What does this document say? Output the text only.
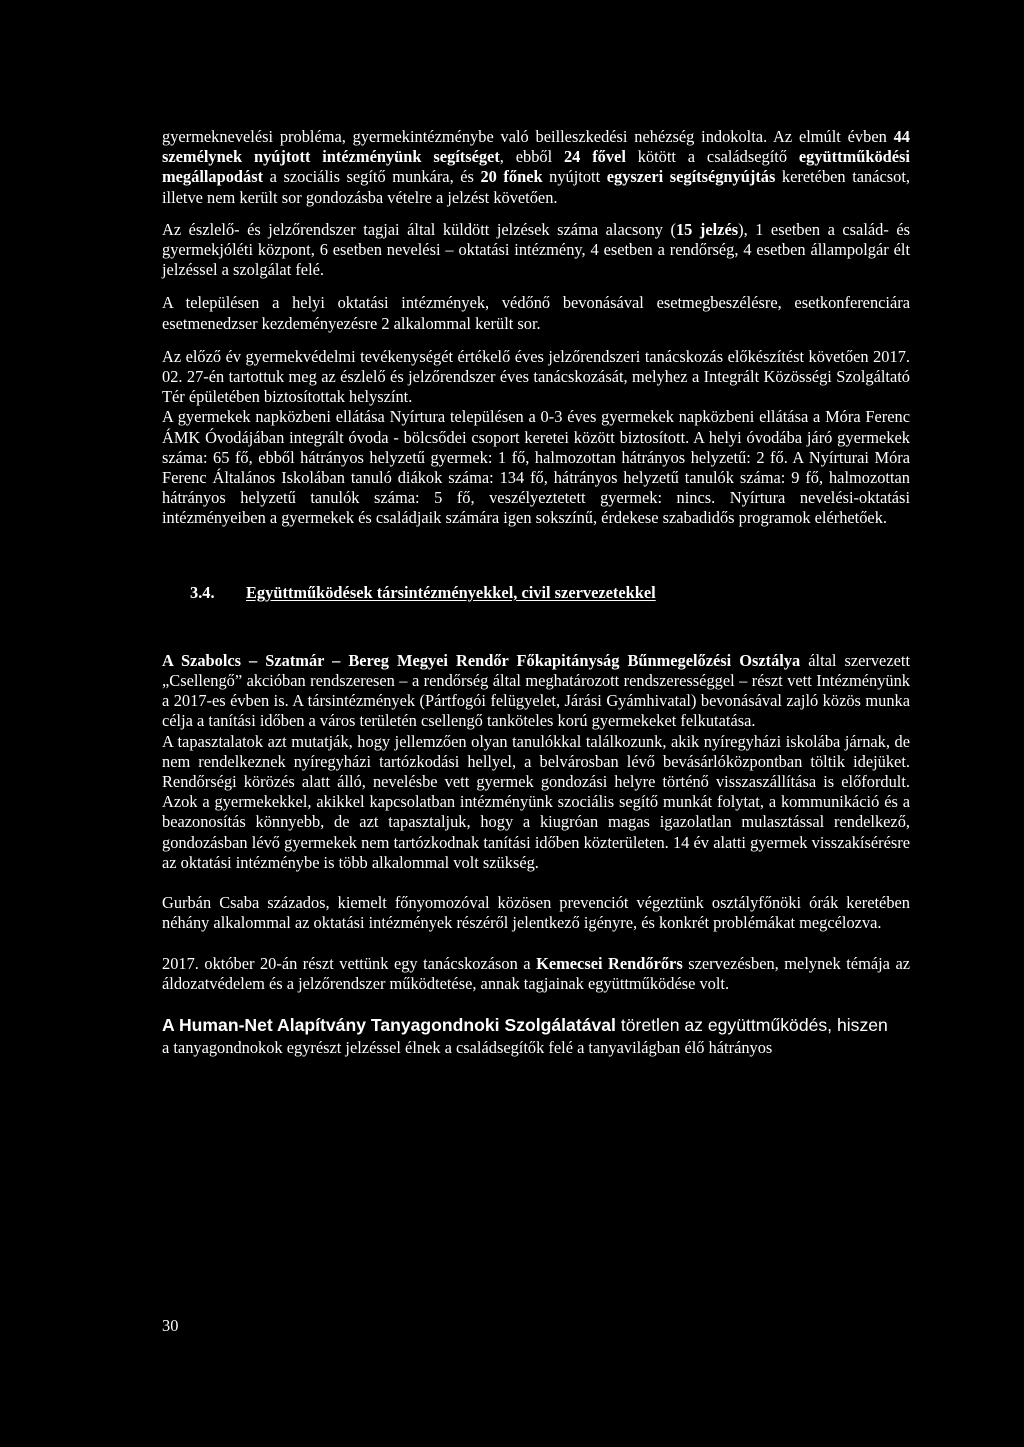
gyermeknevelési probléma, gyermekintézménybe való beilleszkedési nehézség indokolta. Az elmúlt évben 44 személynek nyújtott intézményünk segítséget, ebből 24 fővel kötött a családsegítő együttműködési megállapodást a szociális segítő munkára, és 20 főnek nyújtott egyszeri segítségnyújtás keretében tanácsot, illetve nem került sor gondozásba vételre a jelzést követően.

Az észlelő- és jelzőrendszer tagjai által küldött jelzések száma alacsony (15 jelzés), 1 esetben a család- és gyermekjóléti központ, 6 esetben nevelési – oktatási intézmény, 4 esetben a rendőrség, 4 esetben állampolgár élt jelzéssel a szolgálat felé.

A településen a helyi oktatási intézmények, védőnő bevonásával esetmegbeszélésre, esetkonferenciára esetmenedzser kezdeményezésre 2 alkalommal került sor.

Az előző év gyermekvédelmi tevékenységét értékelő éves jelzőrendszeri tanácskozás előkészítést követően 2017. 02. 27-én tartottuk meg az észlelő és jelzőrendszer éves tanácskozását, melyhez a Integrált Közösségi Szolgáltató Tér épületében biztosítottak helyszínt.

A gyermekek napközbeni ellátása Nyírtura településen a 0-3 éves gyermekek napközbeni ellátása a Móra Ferenc ÁMK Óvodájában integrált óvoda - bölcsődei csoport keretei között biztosított. A helyi óvodába járó gyermekek száma: 65 fő, ebből hátrányos helyzetű gyermek: 1 fő, halmozottan hátrányos helyzetű: 2 fő. A Nyírturai Móra Ferenc Általános Iskolában tanuló diákok száma: 134 fő, hátrányos helyzetű tanulók száma: 9 fő, halmozottan hátrányos helyzetű tanulók száma: 5 fő, veszélyeztetett gyermek: nincs. Nyírtura nevelési-oktatási intézményeiben a gyermekek és családjaik számára igen sokszínű, érdekese szabadidős programok elérhetőek.

3.4.	Együttműködések társintézményekkel, civil szervezetekkel

A Szabolcs – Szatmár – Bereg Megyei Rendőr Főkapitányság Bűnmegelőzési Osztálya által szervezett „Csellengő” akcióban rendszeresen – a rendőrség által meghatározott rendszerességgel – részt vett Intézményünk a 2017-es évben is. A társintézmények (Pártfogói felügyelet, Járási Gyámhivatal) bevonásával zajló közös munka célja a tanítási időben a város területén csellengő tanköteles korú gyermekeket felkutatása.

A tapasztalatok azt mutatják, hogy jellemzően olyan tanulókkal találkozunk, akik nyíregyházi iskolába járnak, de nem rendelkeznek nyíregyházi tartózkodási hellyel, a belvárosban lévő bevásárlóközpontban töltik idejüket. Rendőrségi körözés alatt álló, nevelésbe vett gyermek gondozási helyre történő visszaszállítása is előfordult. Azok a gyermekekkel, akikkel kapcsolatban intézményünk szociális segítő munkát folytat, a kommunikáció és a beazonosítás könnyebb, de azt tapasztaljuk, hogy a kiugróan magas igazolatlan mulasztással rendelkező, gondozásban lévő gyermekek nem tartózkodnak tanítási időben közterületen. 14 év alatti gyermek visszakísérésre az oktatási intézménybe is több alkalommal volt szükség.

Gurbán Csaba százados, kiemelt főnyomozóval közösen prevenciót végeztünk osztályfőnöki órák keretében néhány alkalommal az oktatási intézmények részéről jelentkező igényre, és konkrét problémákat megcélozva.

2017. október 20-án részt vettünk egy tanácskozáson a Kemecsei Rendőrőrs szervezésben, melynek témája az áldozatvédelem és a jelzőrendszer működtetése, annak tagjainak együttműködése volt.

A Human-Net Alapítvány Tanyagondnoki Szolgálatával töretlen az együttműködés, hiszen
a tanyagondnokok egyrészt jelzéssel élnek a családsegítők felé a tanyavilágban élő hátrányos

30
